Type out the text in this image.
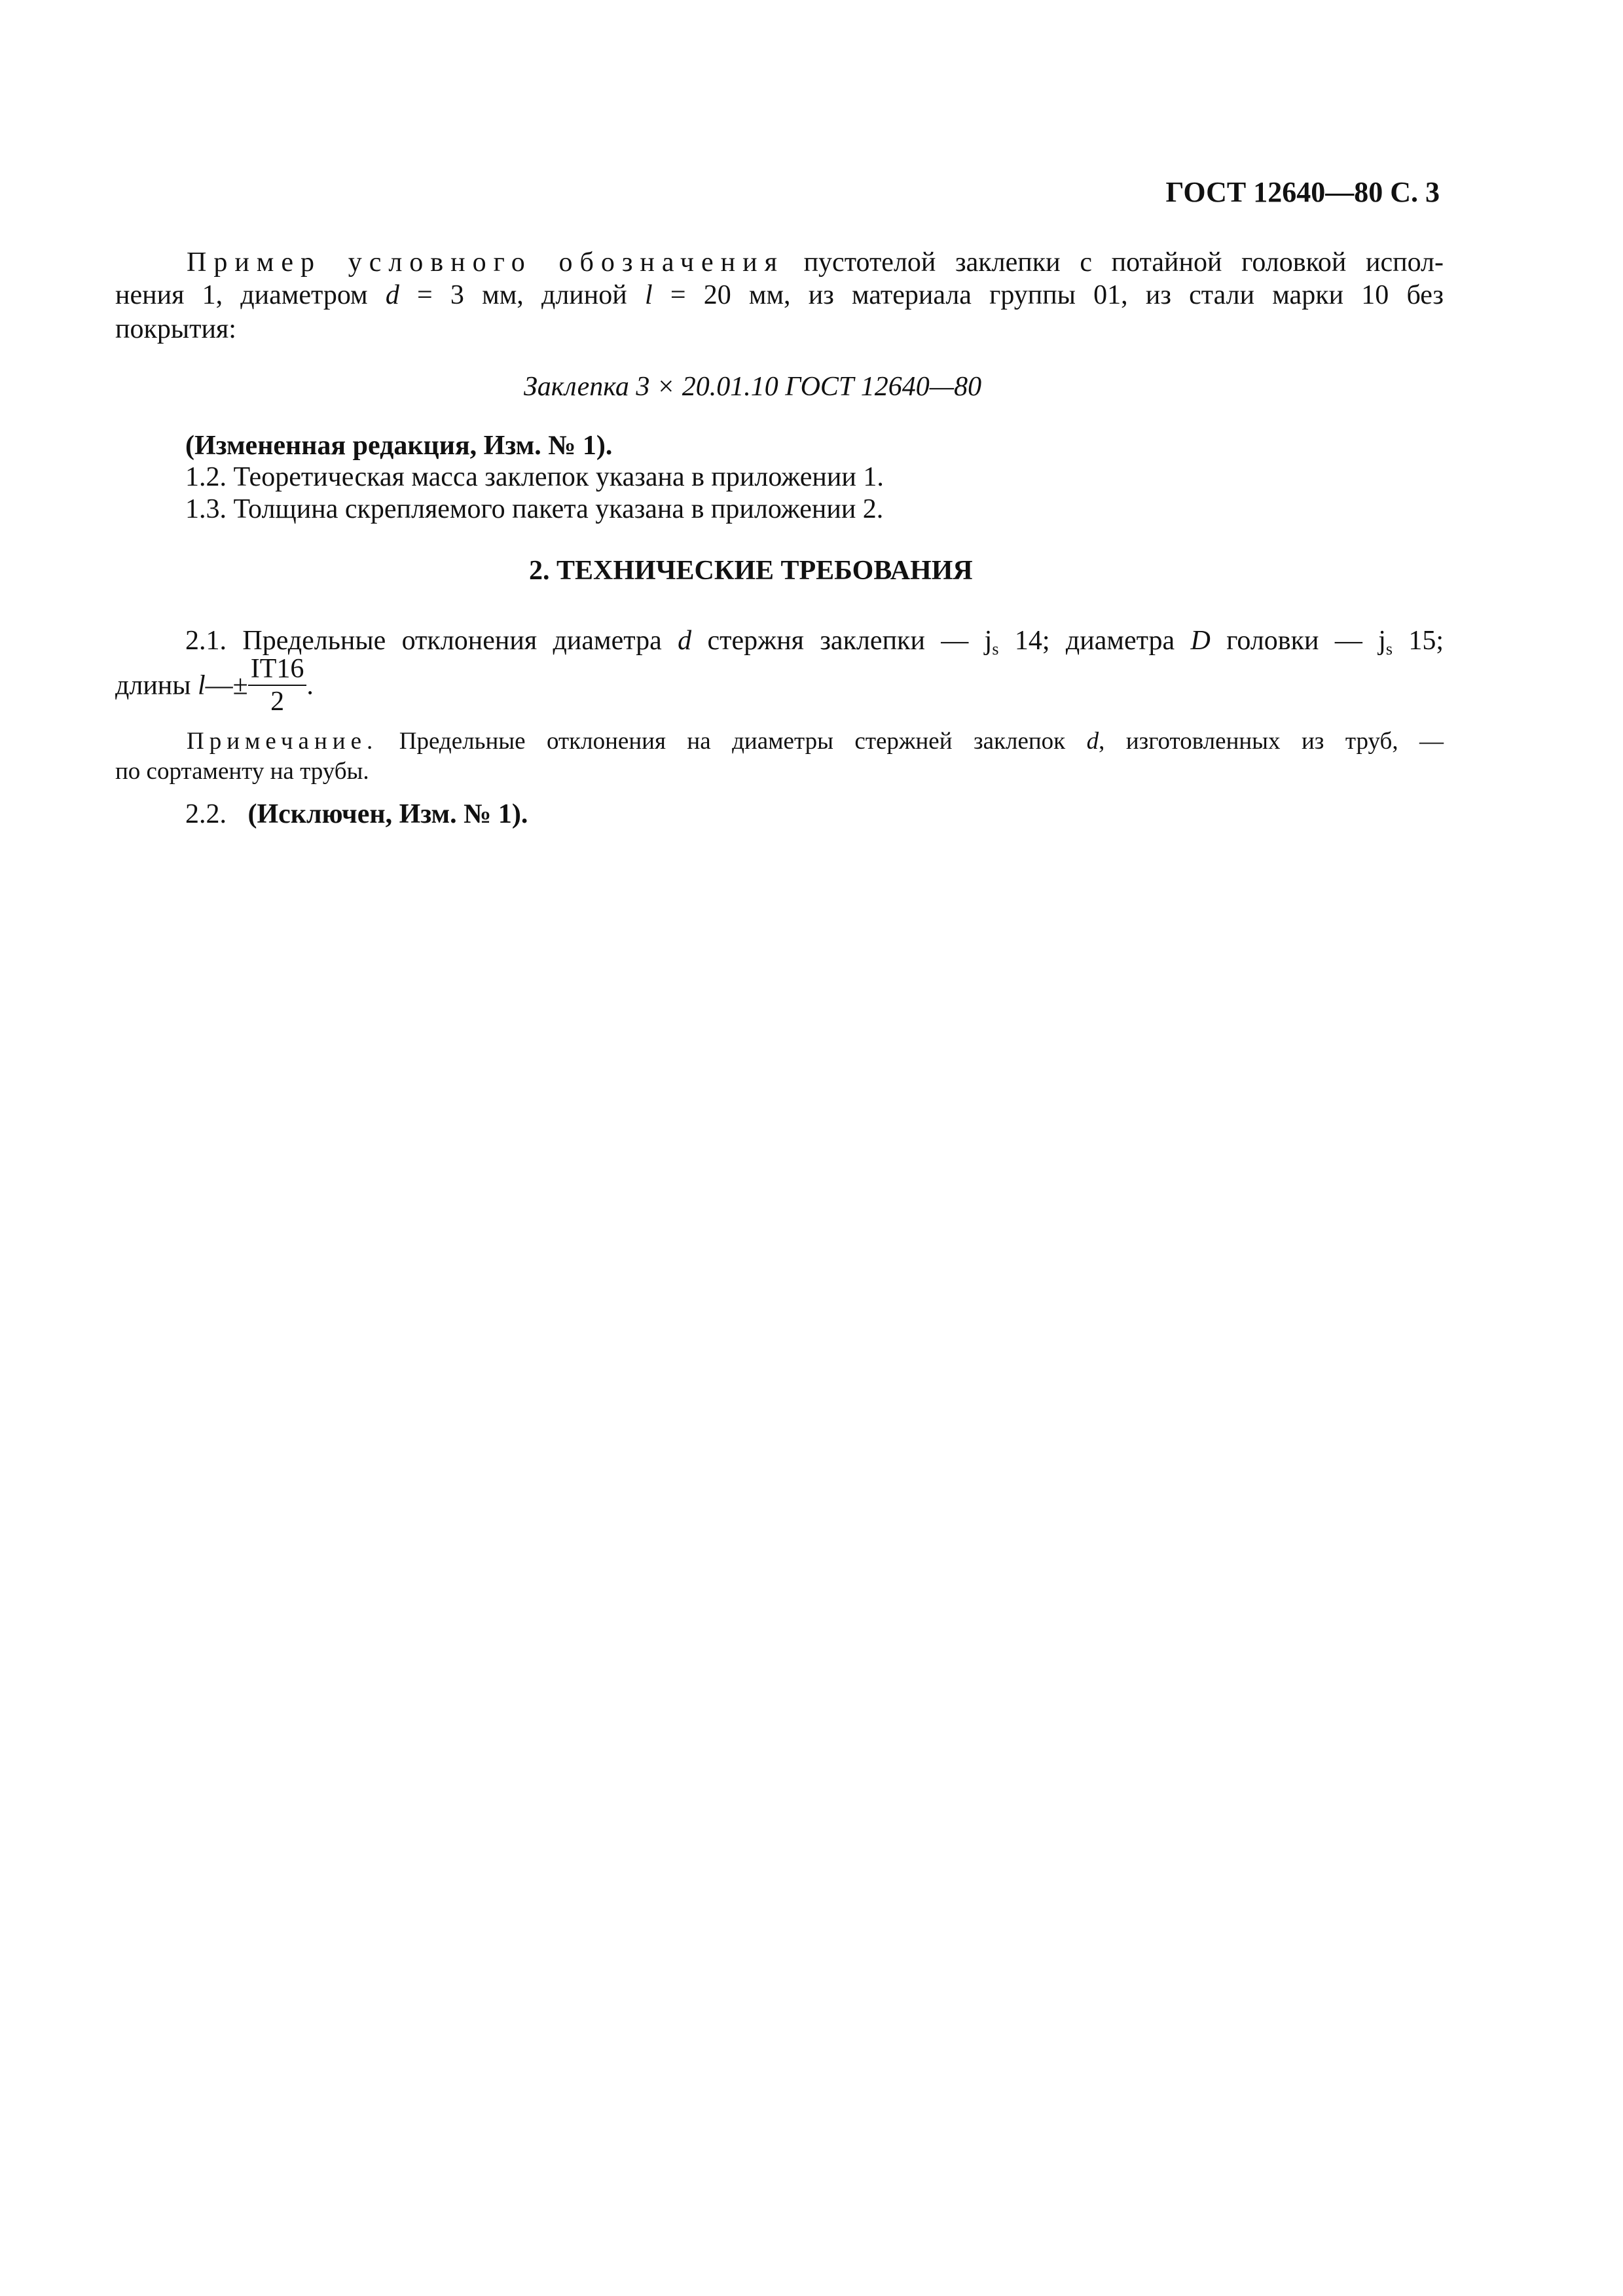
ГОСТ 12640—80 С. 3
Пример условного обозначения пустотелой заклепки с потайной головкой испол-
нения 1, диаметром d = 3 мм, длиной l = 20 мм, из материала группы 01, из стали марки 10 без
покрытия:
Заклепка 3 × 20.01.10 ГОСТ 12640—80
(Измененная редакция, Изм. № 1).
1.2. Теоретическая масса заклепок указана в приложении 1.
1.3. Толщина скрепляемого пакета указана в приложении 2.
2. ТЕХНИЧЕСКИЕ ТРЕБОВАНИЯ
2.1. Предельные отклонения диаметра d стержня заклепки — $j_s$ 14; диаметра D головки — $j_s$ 15;
длины l—± $\frac{IT16}{2}$ .
Примечание. Предельные отклонения на диаметры стержней заклепок d, изготовленных из труб, —
по сортаменту на трубы.
2.2. (Исключен, Изм. № 1).
